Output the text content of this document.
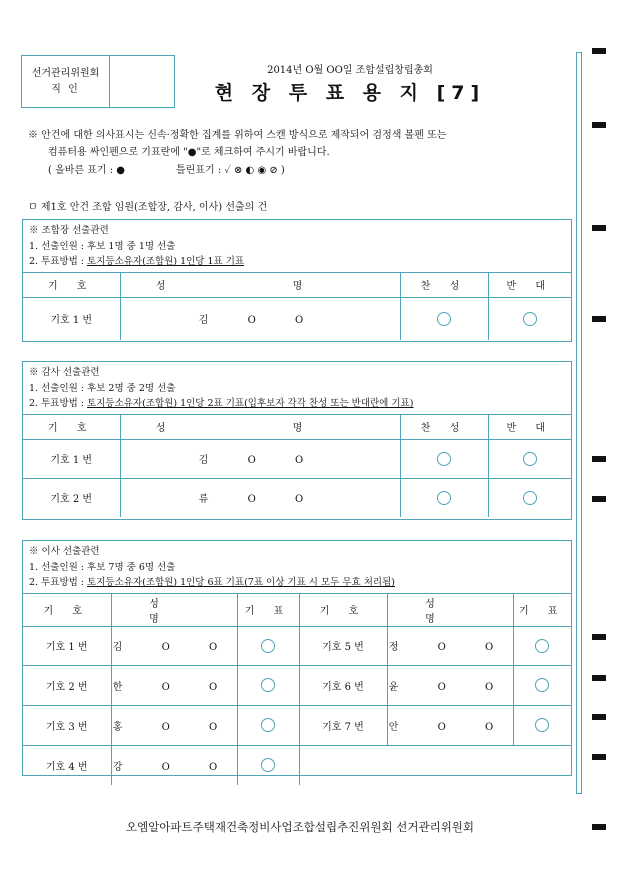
선거관리위원회
직 인
2014년 O월 OO일 조합설립창립총회
현 장 투 표 용 지 [7]
※ 안건에 대한 의사표시는 신속·정확한 집계를 위하여 스캔 방식으로 제작되어 검정색 볼펜 또는
컴퓨터용 싸인펜으로 기표란에 "●"로 체크하여 주시기 바랍니다.
( 올바른 표기 : ●	틀린표기 : ✓ ⊗ ◐ ◉ ⊘ )
ㅁ 제1호 안건 조합 임원(조합장, 감사, 이사) 선출의 건
※ 조합장 선출관련
1. 선출인원 : 후보 1명 중 1명 선출
2. 투표방법 : 토지등소유자(조합원) 1인당 1표 기표
기 호	성 명	찬 성	반 대
기호 1 번	김 O O		
※ 감사 선출관련
1. 선출인원 : 후보 2명 중 2명 선출
2. 투표방법 : 토지등소유자(조합원) 1인당 2표 기표(입후보자 각각 찬성 또는 반대란에 기표)
기 호	성 명	찬 성	반 대
기호 1 번	김 O O		
기호 2 번	류 O O		
※ 이사 선출관련
1. 선출인원 : 후보 7명 중 6명 선출
2. 투표방법 : 토지등소유자(조합원) 1인당 6표 기표(7표 이상 기표 시 모두 무효 처리됨)
기 호	성 명	기 표	기 호	성 명	기 표
기호 1 번	김 O O		기호 5 번	정 O O	
기호 2 번	한 O O		기호 6 번	윤 O O	
기호 3 번	홍 O O		기호 7 번	안 O O	
기호 4 번	강 O O				
오엠알아파트주택재건축정비사업조합설립추진위원회 선거관리위원회
